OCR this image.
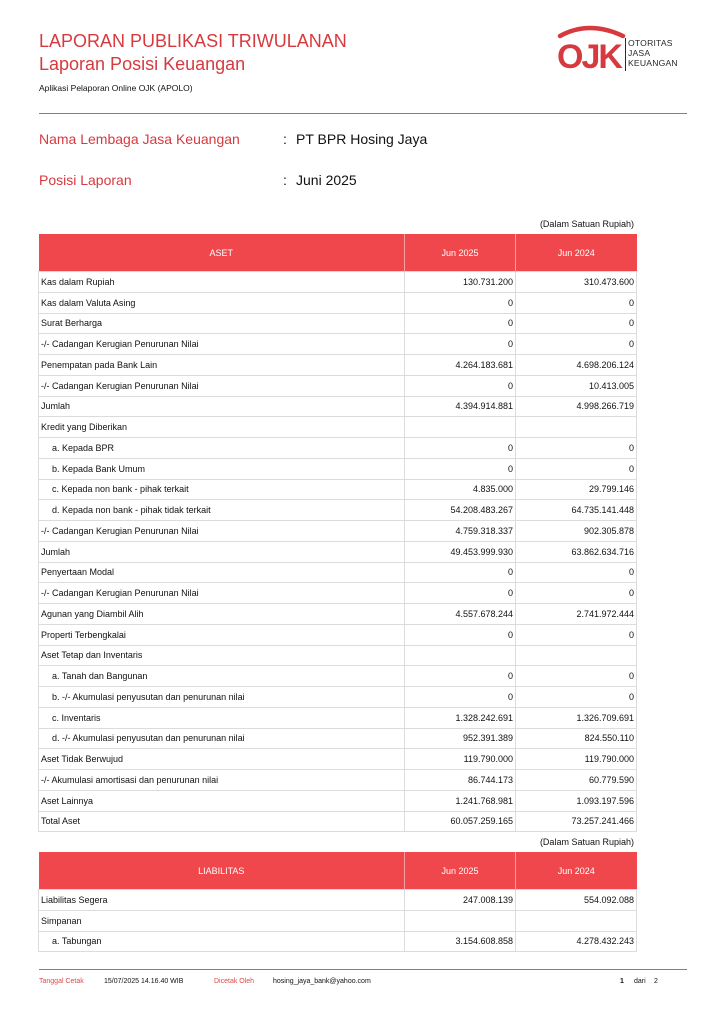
LAPORAN PUBLIKASI TRIWULANAN
Laporan Posisi Keuangan
Aplikasi Pelaporan Online OJK (APOLO)
OJK OTORITAS
JASA
KEUANGAN
Nama Lembaga Jasa Keuangan	: PT BPR Hosing Jaya
Posisi Laporan	: Juni 2025
(Dalam Satuan Rupiah)
ASET	Jun 2025	Jun 2024
Kas dalam Rupiah	130.731.200	310.473.600
Kas dalam Valuta Asing	0	0
Surat Berharga	0	0
-/- Cadangan Kerugian Penurunan Nilai	0	0
Penempatan pada Bank Lain	4.264.183.681	4.698.206.124
-/- Cadangan Kerugian Penurunan Nilai	0	10.413.005
Jumlah	4.394.914.881	4.998.266.719
Kredit yang Diberikan		
a. Kepada BPR	0	0
b. Kepada Bank Umum	0	0
c. Kepada non bank - pihak terkait	4.835.000	29.799.146
d. Kepada non bank - pihak tidak terkait	54.208.483.267	64.735.141.448
-/- Cadangan Kerugian Penurunan Nilai	4.759.318.337	902.305.878
Jumlah	49.453.999.930	63.862.634.716
Penyertaan Modal	0	0
-/- Cadangan Kerugian Penurunan Nilai	0	0
Agunan yang Diambil Alih	4.557.678.244	2.741.972.444
Properti Terbengkalai	0	0
Aset Tetap dan Inventaris		
a. Tanah dan Bangunan	0	0
b. -/- Akumulasi penyusutan dan penurunan nilai	0	0
c. Inventaris	1.328.242.691	1.326.709.691
d. -/- Akumulasi penyusutan dan penurunan nilai	952.391.389	824.550.110
Aset Tidak Berwujud	119.790.000	119.790.000
-/- Akumulasi amortisasi dan penurunan nilai	86.744.173	60.779.590
Aset Lainnya	1.241.768.981	1.093.197.596
Total Aset	60.057.259.165	73.257.241.466
(Dalam Satuan Rupiah)
LIABILITAS	Jun 2025	Jun 2024
Liabilitas Segera	247.008.139	554.092.088
Simpanan		
a. Tabungan	3.154.608.858	4.278.432.243
Tanggal Cetak	15/07/2025 14.16.40 WIB	Dicetak Oleh	hosing_jaya_bank@yahoo.com	1 dari 2
